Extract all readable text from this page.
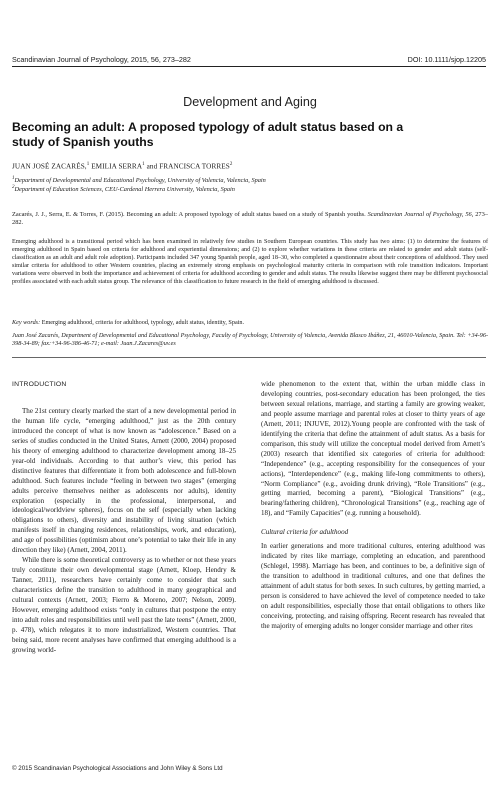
Scandinavian Journal of Psychology, 2015, 56, 273–282	DOI: 10.1111/sjop.12205
Development and Aging
Becoming an adult: A proposed typology of adult status based on a study of Spanish youths
JUAN JOSÉ ZACARÉS,$^1$ EMILIA SERRA$^1$ and FRANCISCA TORRES$^2$
$^1$Department of Developmental and Educational Psychology, University of Valencia, Valencia, Spain
$^2$Department of Education Sciences, CEU-Cardenal Herrera University, Valencia, Spain

Zacarés, J. J., Serra, E. & Torres, F. (2015). Becoming an adult: A proposed typology of adult status based on a study of Spanish youths. Scandinavian Journal of Psychology, 56, 273–282.

Emerging adulthood is a transitional period which has been examined in relatively few studies in Southern European countries. This study has two aims: (1) to determine the features of emerging adulthood in Spain based on criteria for adulthood and experiential dimensions; and (2) to explore whether variations in these criteria are related to gender and adult status (self-classification as an adult and adult role adoption). Participants included 347 young Spanish people, aged 18–30, who completed a questionnaire about their conceptions of adulthood. They used similar criteria for adulthood to other Western countries, placing an extremely strong emphasis on psychological maturity criteria in comparison with role transition indicators. Important variations were observed in both the importance and achievement of criteria for adulthood according to gender and adult status. The results likewise suggest there may be different psychosocial profiles associated with each adult status group. The relevance of this classification to future research in the field of emerging adulthood is discussed.

Key words: Emerging adulthood, criteria for adulthood, typology, adult status, identity, Spain.

Juan José Zacarés, Department of Developmental and Educational Psychology, Faculty of Psychology, University of Valencia, Avenida Blasco Ibáñez, 21, 46010-Valencia, Spain. Tel: +34-96-398-34-89; fax:+34-96-386-46-71; e-mail: Juan.J.Zacares@uv.es

INTRODUCTION

The 21st century clearly marked the start of a new developmental period in the human life cycle, “emerging adulthood,” just as the 20th century introduced the concept of what is now known as “adolescence.” Based on a series of studies conducted in the United States, Arnett (2000, 2004) proposed his theory of emerging adulthood to characterize development among 18–25 year-old individuals. According to that author’s view, this period has distinctive features that differentiate it from both adolescence and full-blown adulthood. Such features include “feeling in between two stages” (emerging adults perceive themselves neither as adolescents nor adults), identity exploration (especially in the professional, interpersonal, and ideological/worldview spheres), focus on the self (especially when lacking obligations to others), diversity and instability of living situation (which manifests itself in changing residences, relationships, work, and education), and age of possibilities (optimism about one’s potential to take their life in any direction they like) (Arnett, 2004, 2011).

While there is some theoretical controversy as to whether or not these years truly constitute their own developmental stage (Arnett, Kloep, Hendry & Tanner, 2011), researchers have certainly come to consider that such characteristics define the transition to adulthood in many geographical and cultural contexts (Arnett, 2003; Fierro & Moreno, 2007; Nelson, 2009). However, emerging adulthood exists “only in cultures that postpone the entry into adult roles and responsibilities until well past the late teens” (Arnett, 2000, p. 478), which relegates it to more industrialized, Western countries. That being said, more recent analyses have confirmed that emerging adulthood is a growing world-

wide phenomenon to the extent that, within the urban middle class in developing countries, post-secondary education has been prolonged, the ties between sexual relations, marriage, and starting a family are growing weaker, and people assume marriage and parental roles at closer to thirty years of age (Arnett, 2011; INJUVE, 2012).Young people are confronted with the task of identifying the criteria that define the attainment of adult status. As a basis for comparison, this study will utilize the conceptual model derived from Arnett’s (2003) research that identified six categories of criteria for adulthood: “Independence” (e.g., accepting responsibility for the consequences of your actions), “Interdependence” (e.g., making life-long commitments to others), “Norm Compliance” (e.g., avoiding drunk driving), “Role Transitions” (e.g., getting married, becoming a parent), “Biological Transitions” (e.g., bearing/fathering children), “Chronological Transitions” (e.g., reaching age of 18), and “Family Capacities” (e.g. running a household).

Cultural criteria for adulthood

In earlier generations and more traditional cultures, entering adulthood was indicated by rites like marriage, completing an education, and parenthood (Schlegel, 1998). Marriage has been, and continues to be, a definitive sign of the transition to adulthood in traditional cultures, and one that defines the attainment of adult status for both sexes. In such cultures, by getting married, a person is considered to have achieved the level of competence needed to take on adult responsibilities, especially those that entail obligations to others like conceiving, protecting, and raising offspring. Recent research has revealed that the majority of emerging adults no longer consider marriage and other rites

© 2015 Scandinavian Psychological Associations and John Wiley & Sons Ltd
